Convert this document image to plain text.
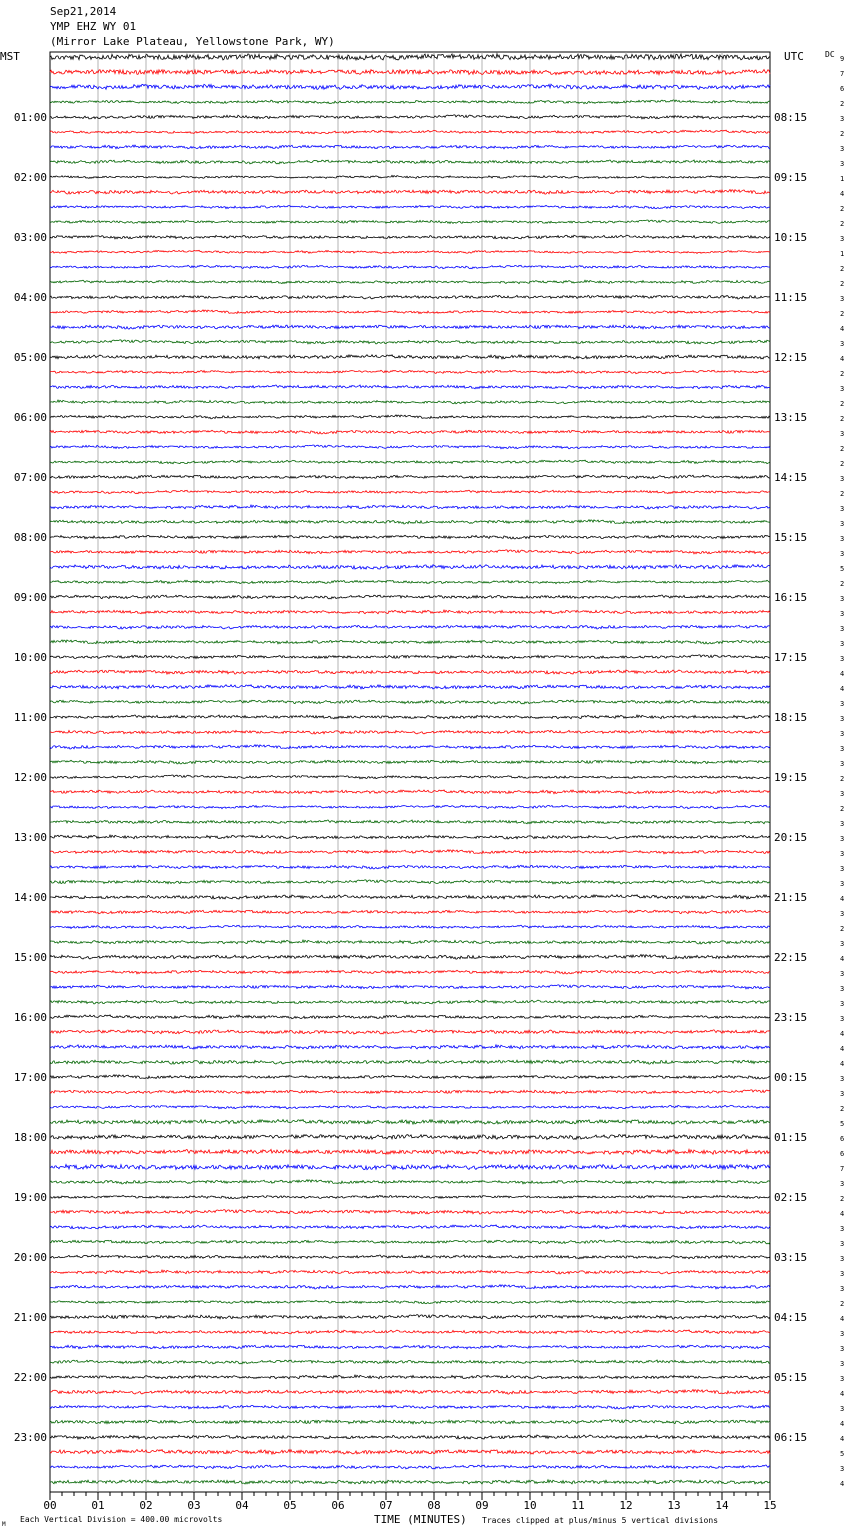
01:00
02:00
03:00
04:00
05:00
06:00
07:00
08:00
09:00
10:00
11:00
12:00
13:00
14:00
15:00
16:00
17:00
18:00
19:00
20:00
21:00
22:00
23:00
08:15
09:15
10:15
11:15
12:15
13:15
14:15
15:15
16:15
17:15
18:15
19:15
20:15
21:15
22:15
23:15
00:15
01:15
02:15
03:15
04:15
05:15
06:15
9
7
6
2
3
2
3
3
1
4
2
2
3
1
2
2
3
2
4
3
4
2
3
2
2
3
2
2
3
2
3
3
3
3
5
2
3
3
3
3
3
4
4
3
3
3
3
3
2
3
2
3
3
3
3
3
4
3
2
3
4
3
3
3
3
4
4
4
3
3
2
5
6
6
7
3
2
4
3
3
3
3
3
2
4
3
3
3
3
4
3
4
4
5
3
4
00	01	02	03	04	05	06	07	08	09	10	11	12	13	14	15
Sep21,2014
YMP EHZ WY 01
(Mirror Lake Plateau, Yellowstone Park, WY)
MST	UTC	DC
M
Each Vertical Division = 400.00 microvolts	TIME (MINUTES) Traces clipped at plus/minus 5 vertical divisions
